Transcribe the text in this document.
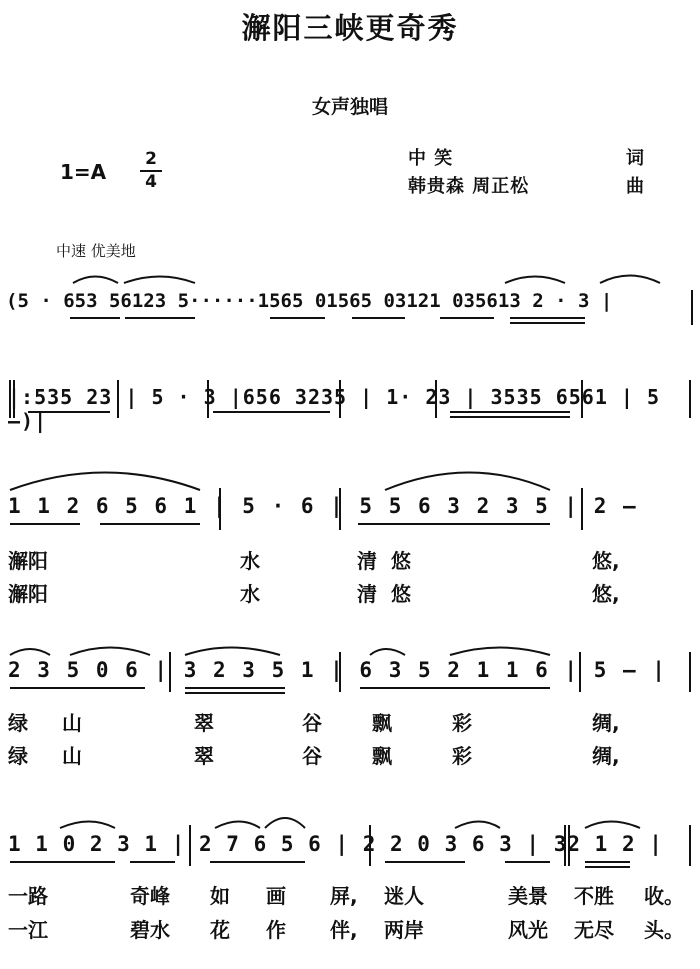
澥阳三峡更奇秀
女声独唱
1=A
2
4
中 笑	词
韩贵森 周正松	曲
中速 优美地
(5 · 653 56123 5······1565 01565 03121 035613 2 · 3 |
|:535 23 | 5 · 3 |656 3235 | 1· 23 | 3535 6561 | 5 –)|
1 1 2 6 5 6 1 | 5 · 6 | 5 5 6 3 2 3 5 | 2 –
2 3 5 0 6 | 3 2 3 5 1 | 6 3 5 2 1 1 6 | 5 – |
1 1 0 2 3 1 | 2 7 6 5 6 | 2 2 0 3 6 3 | 32 1 2 |
澥阳	水	清悠	悠,
澥阳	水	清悠	悠,
绿 山	翠	谷	飘	彩	绸,
绿 山	翠	谷	飘	彩	绸,
一路	奇峰 如 画 屏, 迷人	美景 不胜 收。
一江	碧水 花 作 伴, 两岸	风光 无尽 头。
